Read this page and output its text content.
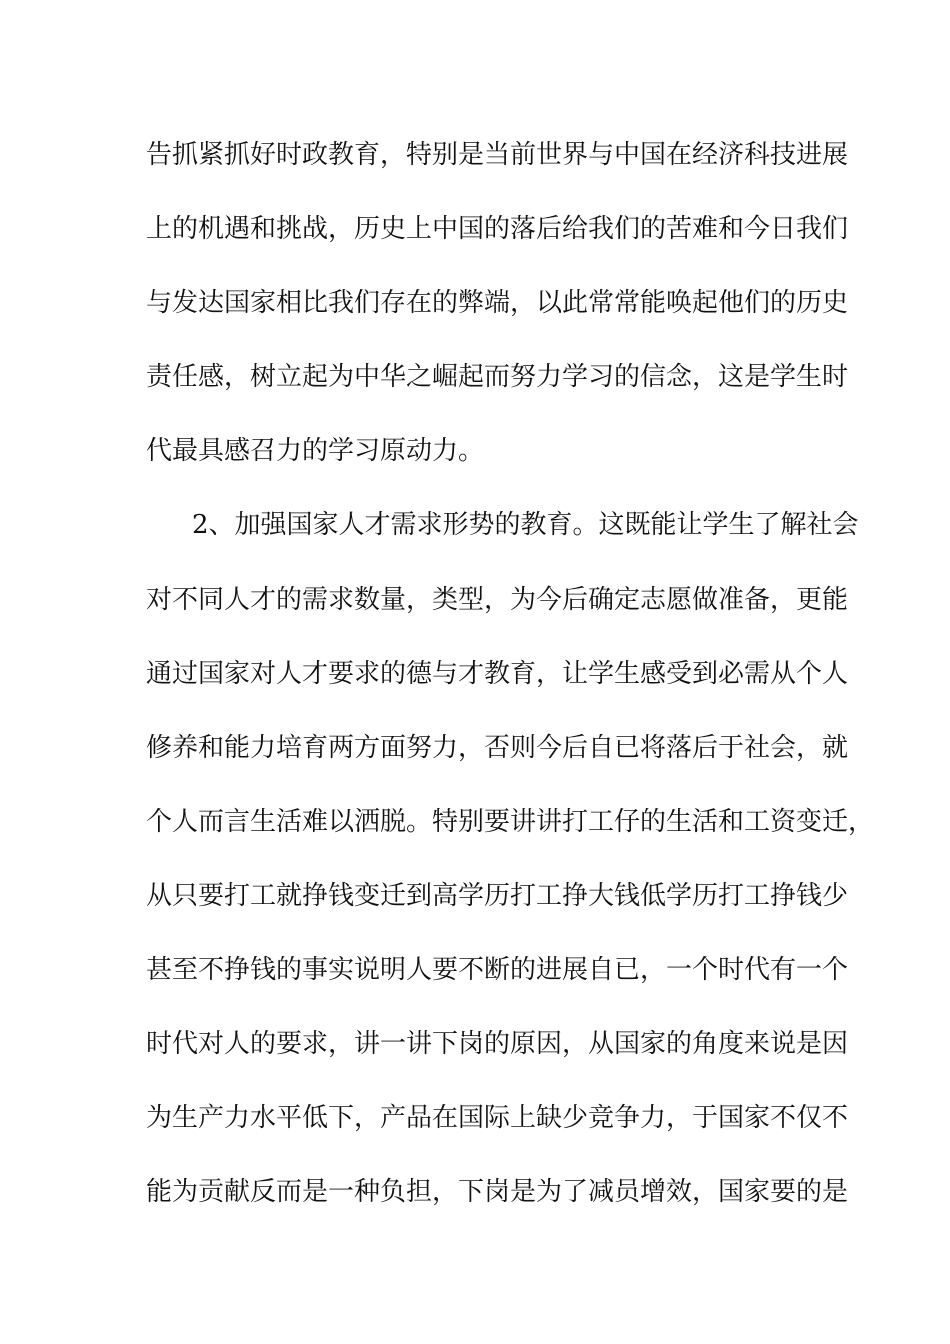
告抓紧抓好时政教育，特别是当前世界与中国在经济科技进展
上的机遇和挑战，历史上中国的落后给我们的苦难和今日我们
与发达国家相比我们存在的弊端，以此常常能唤起他们的历史
责任感，树立起为中华之崛起而努力学习的信念，这是学生时
代最具感召力的学习原动力。
2、加强国家人才需求形势的教育。这既能让学生了解社会
对不同人才的需求数量，类型，为今后确定志愿做准备，更能
通过国家对人才要求的德与才教育，让学生感受到必需从个人
修养和能力培育两方面努力，否则今后自已将落后于社会，就
个人而言生活难以洒脱。特别要讲讲打工仔的生活和工资变迁，
从只要打工就挣钱变迁到高学历打工挣大钱低学历打工挣钱少
甚至不挣钱的事实说明人要不断的进展自已，一个时代有一个
时代对人的要求，讲一讲下岗的原因，从国家的角度来说是因
为生产力水平低下，产品在国际上缺少竞争力，于国家不仅不
能为贡献反而是一种负担，下岗是为了减员增效，国家要的是
